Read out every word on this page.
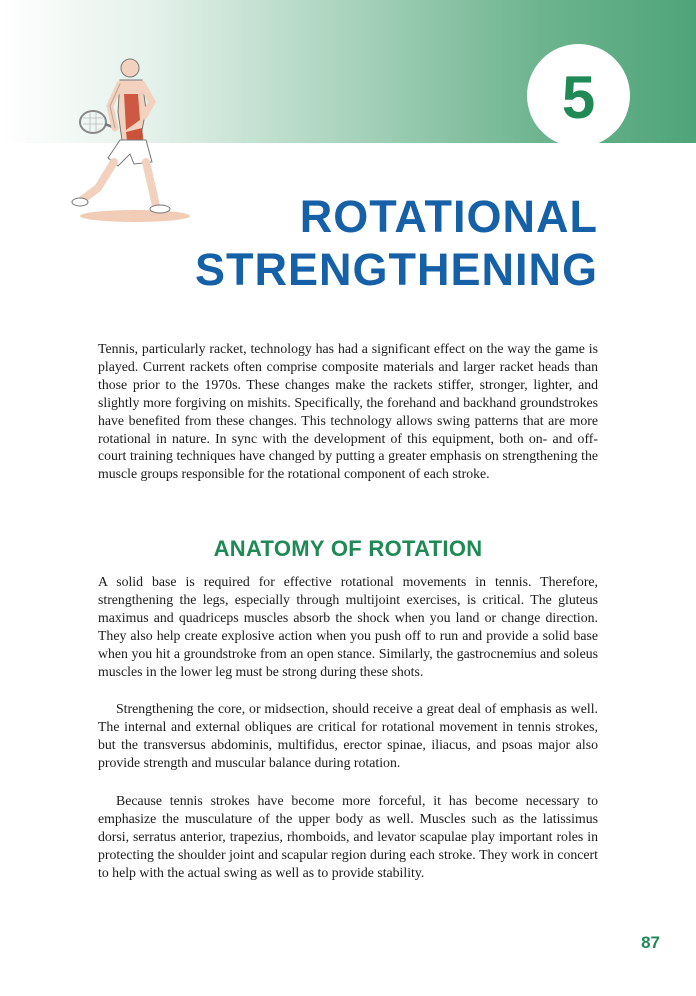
5
ROTATIONAL
STRENGTHENING

Tennis, particularly racket, technology has had a significant effect on the way the game is played. Current rackets often comprise composite materials and larger racket heads than those prior to the 1970s. These changes make the rackets stiffer, stronger, lighter, and slightly more forgiving on mishits. Specifically, the forehand and backhand groundstrokes have benefited from these changes. This technology allows swing patterns that are more rotational in nature. In sync with the development of this equipment, both on- and off-court training techniques have changed by putting a greater emphasis on strengthening the muscle groups responsible for the rotational component of each stroke.

ANATOMY OF ROTATION

A solid base is required for effective rotational movements in tennis. Therefore, strengthening the legs, especially through multijoint exercises, is critical. The gluteus maximus and quadriceps muscles absorb the shock when you land or change direction. They also help create explosive action when you push off to run and provide a solid base when you hit a groundstroke from an open stance. Similarly, the gastrocnemius and soleus muscles in the lower leg must be strong during these shots.

Strengthening the core, or midsection, should receive a great deal of emphasis as well. The internal and external obliques are critical for rotational movement in tennis strokes, but the transversus abdominis, multifidus, erector spinae, iliacus, and psoas major also provide strength and muscular balance during rotation.

Because tennis strokes have become more forceful, it has become necessary to emphasize the musculature of the upper body as well. Muscles such as the latissimus dorsi, serratus anterior, trapezius, rhomboids, and levator scapulae play important roles in protecting the shoulder joint and scapular region during each stroke. They work in concert to help with the actual swing as well as to provide stability.

87
